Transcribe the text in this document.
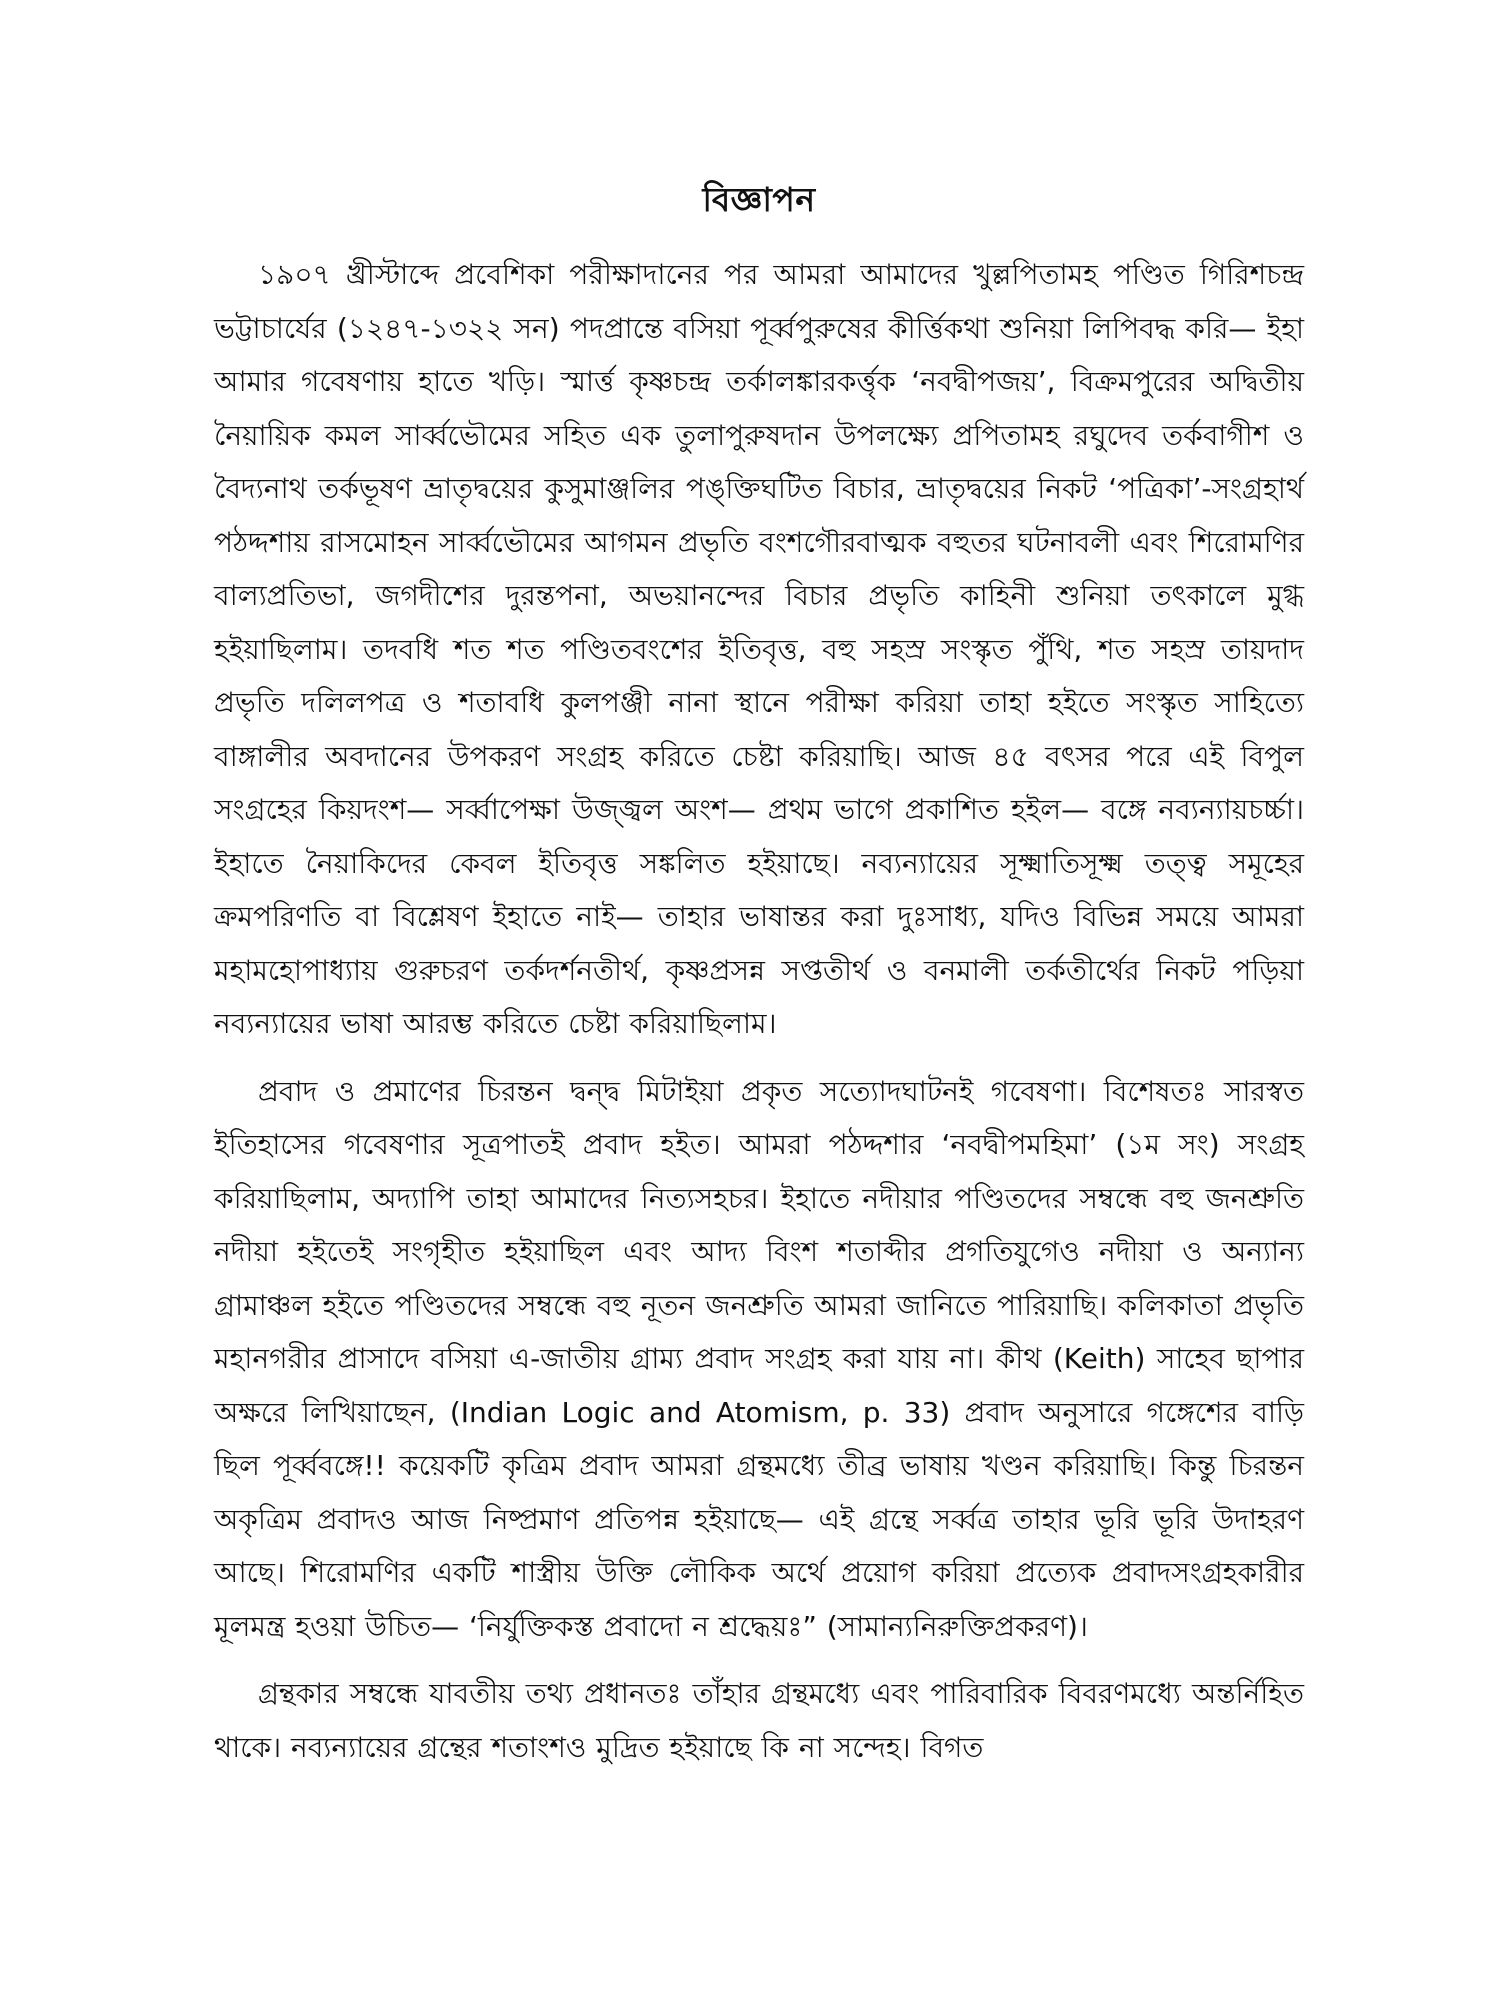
বিজ্ঞাপন

১৯০৭ খ্রীস্টাব্দে প্রবেশিকা পরীক্ষাদানের পর আমরা আমাদের খুল্লপিতামহ পণ্ডিত গিরিশচন্দ্র ভট্টাচার্যের (১২৪৭-১৩২২ সন) পদপ্রান্তে বসিয়া পূর্ব্বপুরুষের কীর্ত্তিকথা শুনিয়া লিপিবদ্ধ করি— ইহা আমার গবেষণায় হাতে খড়ি। স্মার্ত্ত কৃষ্ণচন্দ্র তর্কালঙ্কারকর্ত্তৃক ‘নবদ্বীপজয়’, বিক্রমপুরের অদ্বিতীয় নৈয়ায়িক কমল সার্ব্বভৌমের সহিত এক তুলাপুরুষদান উপলক্ষ্যে প্রপিতামহ রঘুদেব তর্কবাগীশ ও বৈদ্যনাথ তর্কভূষণ ভ্রাতৃদ্বয়ের কুসুমাঞ্জলির পঙ্‌ক্তিঘটিত বিচার, ভ্রাতৃদ্বয়ের নিকট ‘পত্রিকা’-সংগ্রহার্থ পঠদ্দশায় রাসমোহন সার্ব্বভৌমের আগমন প্রভৃতি বংশগৌরবাত্মক বহুতর ঘটনাবলী এবং শিরোমণির বাল্যপ্রতিভা, জগদীশের দুরন্তপনা, অভয়ানন্দের বিচার প্রভৃতি কাহিনী শুনিয়া তৎকালে মুগ্ধ হইয়াছিলাম। তদবধি শত শত পণ্ডিতবংশের ইতিবৃত্ত, বহু সহস্র সংস্কৃত পুঁথি, শত সহস্র তায়দাদ প্রভৃতি দলিলপত্র ও শতাবধি কুলপঞ্জী নানা স্থানে পরীক্ষা করিয়া তাহা হইতে সংস্কৃত সাহিত্যে বাঙ্গালীর অবদানের উপকরণ সংগ্রহ করিতে চেষ্টা করিয়াছি। আজ ৪৫ বৎসর পরে এই বিপুল সংগ্রহের কিয়দংশ— সর্ব্বাপেক্ষা উজ্জ্বল অংশ— প্রথম ভাগে প্রকাশিত হইল— বঙ্গে নব্যন্যায়চর্চ্চা। ইহাতে নৈয়াকিদের কেবল ইতিবৃত্ত সঙ্কলিত হইয়াছে। নব্যন্যায়ের সূক্ষ্মাতিসূক্ষ্ম তত্ত্ব সমূহের ক্রমপরিণতি বা বিশ্লেষণ ইহাতে নাই— তাহার ভাষান্তর করা দুঃসাধ্য, যদিও বিভিন্ন সময়ে আমরা মহামহোপাধ্যায় গুরুচরণ তর্কদর্শনতীর্থ, কৃষ্ণপ্রসন্ন সপ্ততীর্থ ও বনমালী তর্কতীর্থের নিকট পড়িয়া নব্যন্যায়ের ভাষা আরম্ভ করিতে চেষ্টা করিয়াছিলাম।

প্রবাদ ও প্রমাণের চিরন্তন দ্বন্দ্ব মিটাইয়া প্রকৃত সত্যোদঘাটনই গবেষণা। বিশেষতঃ সারস্বত ইতিহাসের গবেষণার সূত্রপাতই প্রবাদ হইত। আমরা পঠদ্দশার ‘নবদ্বীপমহিমা’ (১ম সং) সংগ্রহ করিয়াছিলাম, অদ্যাপি তাহা আমাদের নিত্যসহচর। ইহাতে নদীয়ার পণ্ডিতদের সম্বন্ধে বহু জনশ্রুতি নদীয়া হইতেই সংগৃহীত হইয়াছিল এবং আদ্য বিংশ শতাব্দীর প্রগতিযুগেও নদীয়া ও অন্যান্য গ্রামাঞ্চল হইতে পণ্ডিতদের সম্বন্ধে বহু নূতন জনশ্রুতি আমরা জানিতে পারিয়াছি। কলিকাতা প্রভৃতি মহানগরীর প্রাসাদে বসিয়া এ-জাতীয় গ্রাম্য প্রবাদ সংগ্রহ করা যায় না। কীথ (Keith) সাহেব ছাপার অক্ষরে লিখিয়াছেন, (Indian Logic and Atomism, p. 33) প্রবাদ অনুসারে গঙ্গেশের বাড়ি ছিল পূর্ব্ববঙ্গে!! কয়েকটি কৃত্রিম প্রবাদ আমরা গ্রন্থমধ্যে তীব্র ভাষায় খণ্ডন করিয়াছি। কিন্তু চিরন্তন অকৃত্রিম প্রবাদও আজ নিষ্প্রমাণ প্রতিপন্ন হইয়াছে— এই গ্রন্থে সর্ব্বত্র তাহার ভূরি ভূরি উদাহরণ আছে। শিরোমণির একটি শাস্ত্রীয় উক্তি লৌকিক অর্থে প্রয়োগ করিয়া প্রত্যেক প্রবাদসংগ্রহকারীর মূলমন্ত্র হওয়া উচিত— ‘নির্যুক্তিকস্ত প্রবাদো ন শ্রদ্ধেয়ঃ” (সামান্যনিরুক্তিপ্রকরণ)।

গ্রন্থকার সম্বন্ধে যাবতীয় তথ্য প্রধানতঃ তাঁহার গ্রন্থমধ্যে এবং পারিবারিক বিবরণমধ্যে অন্তর্নিহিত থাকে। নব্যন্যায়ের গ্রন্থের শতাংশও মুদ্রিত হইয়াছে কি না সন্দেহ। বিগত
